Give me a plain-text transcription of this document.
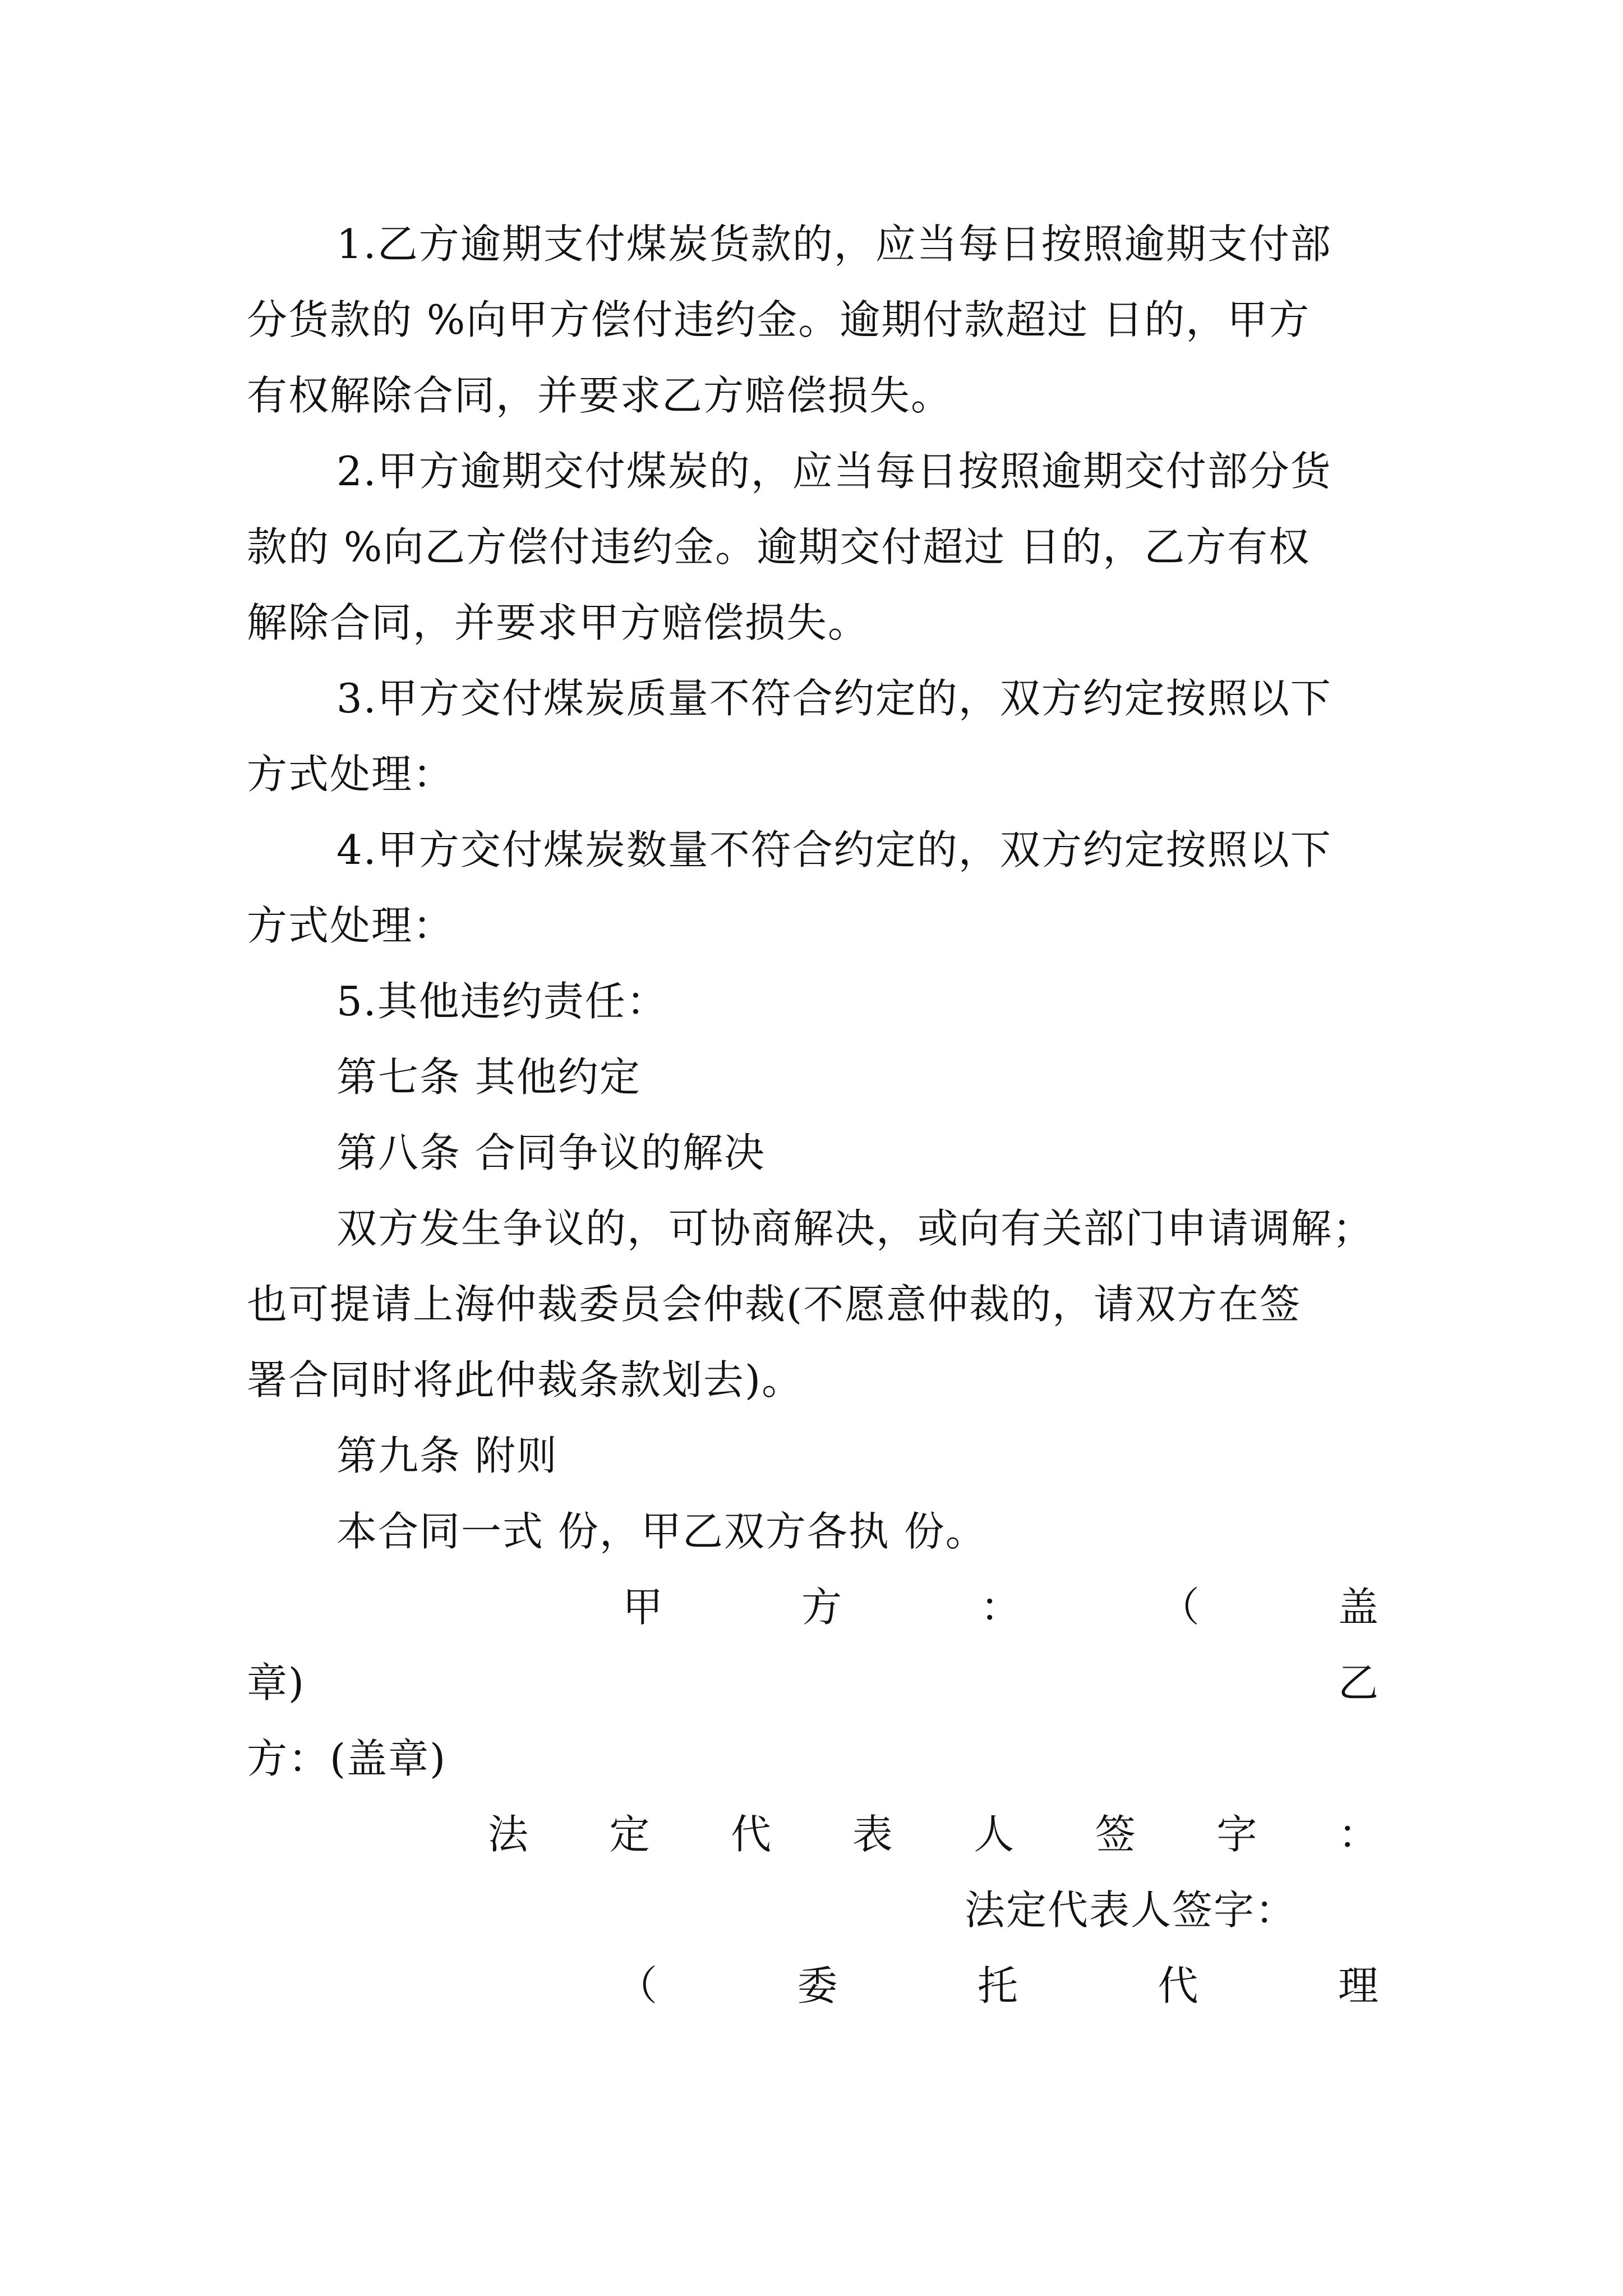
1.乙方逾期支付煤炭货款的，应当每日按照逾期支付部
分货款的 %向甲方偿付违约金。逾期付款超过 日的，甲方
有权解除合同，并要求乙方赔偿损失。
2.甲方逾期交付煤炭的，应当每日按照逾期交付部分货
款的 %向乙方偿付违约金。逾期交付超过 日的，乙方有权
解除合同，并要求甲方赔偿损失。
3.甲方交付煤炭质量不符合约定的，双方约定按照以下
方式处理：
4.甲方交付煤炭数量不符合约定的，双方约定按照以下
方式处理：
5.其他违约责任：
第七条 其他约定
第八条 合同争议的解决
双方发生争议的，可协商解决，或向有关部门申请调解；
也可提请上海仲裁委员会仲裁(不愿意仲裁的，请双方在签
署合同时将此仲裁条款划去)。
第九条 附则
本合同一式 份，甲乙双方各执 份。
甲	方	：	（	盖
章)	乙
方：(盖章)
法 定 代 表 人 签 字 ：
法定代表人签字：
（	委	托	代	理
